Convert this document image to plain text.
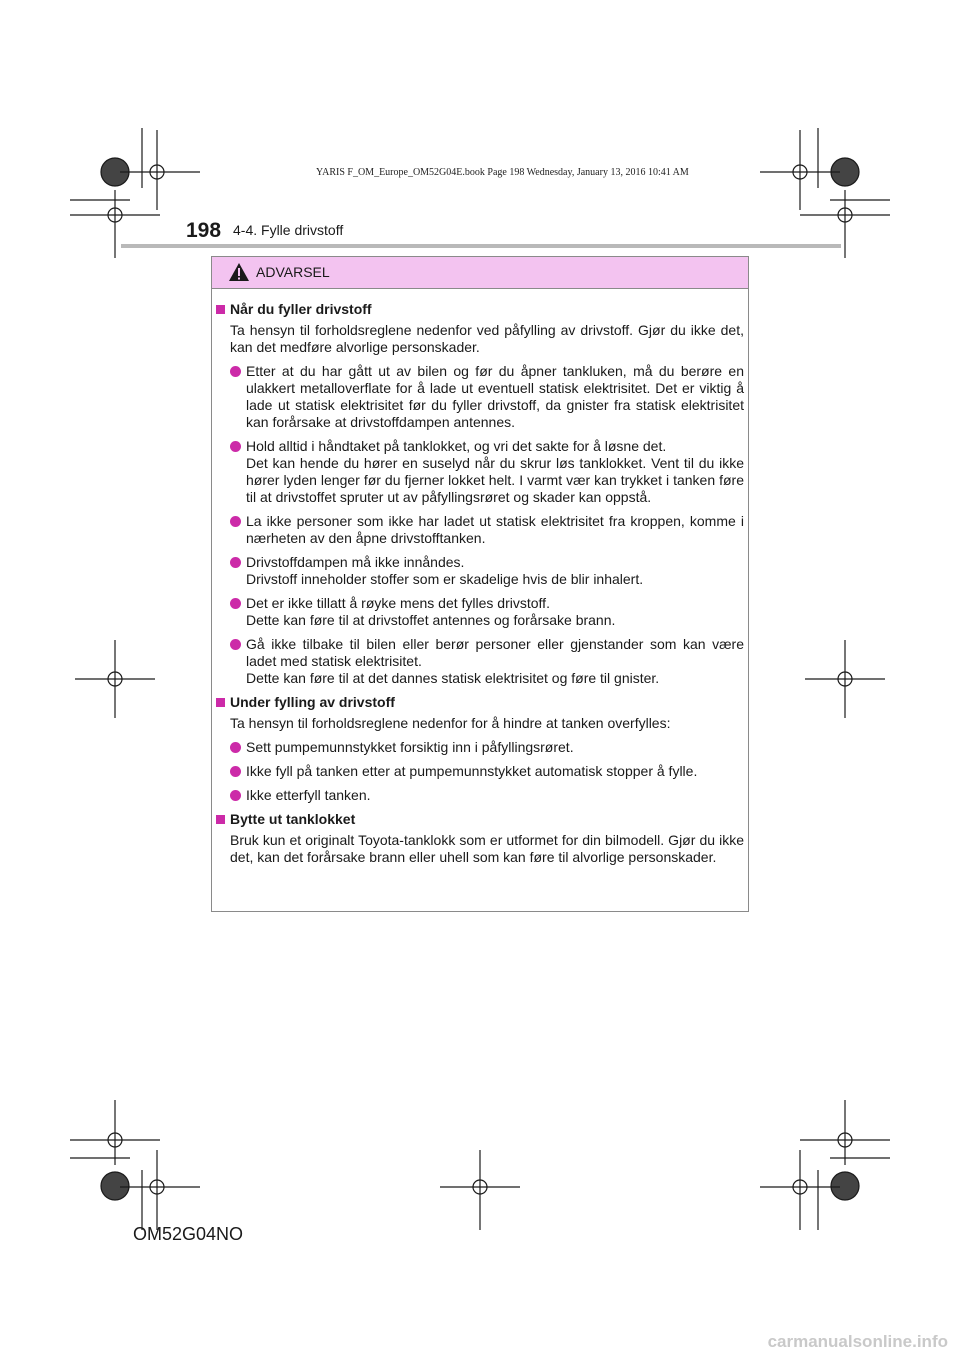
YARIS F_OM_Europe_OM52G04E.book Page 198 Wednesday, January 13, 2016 10:41 AM
198 4-4. Fylle drivstoff
ADVARSEL
Når du fyller drivstoff
Ta hensyn til forholdsreglene nedenfor ved påfylling av drivstoff. Gjør du ikke det, kan det medføre alvorlige personskader.

Etter at du har gått ut av bilen og før du åpner tankluken, må du berøre en ulakkert metalloverflate for å lade ut eventuell statisk elektrisitet. Det er viktig å lade ut statisk elektrisitet før du fyller drivstoff, da gnister fra statisk elektrisitet kan forårsake at drivstoffdampen antennes.

Hold alltid i håndtaket på tanklokket, og vri det sakte for å løsne det.

Det kan hende du hører en suselyd når du skrur løs tanklokket. Vent til du ikke hører lyden lenger før du fjerner lokket helt. I varmt vær kan trykket i tanken føre til at drivstoffet spruter ut av påfyllingsrøret og skader kan oppstå.

La ikke personer som ikke har ladet ut statisk elektrisitet fra kroppen, komme i nærheten av den åpne drivstofftanken.

Drivstoffdampen må ikke innåndes.

Drivstoff inneholder stoffer som er skadelige hvis de blir inhalert.

Det er ikke tillatt å røyke mens det fylles drivstoff.

Dette kan føre til at drivstoffet antennes og forårsake brann.

Gå ikke tilbake til bilen eller berør personer eller gjenstander som kan være ladet med statisk elektrisitet.

Dette kan føre til at det dannes statisk elektrisitet og føre til gnister.

Under fylling av drivstoff
Ta hensyn til forholdsreglene nedenfor for å hindre at tanken overfylles:

Sett pumpemunnstykket forsiktig inn i påfyllingsrøret.

Ikke fyll på tanken etter at pumpemunnstykket automatisk stopper å fylle.

Ikke etterfyll tanken.

Bytte ut tanklokket
Bruk kun et originalt Toyota-tanklokk som er utformet for din bilmodell. Gjør du ikke det, kan det forårsake brann eller uhell som kan føre til alvorlige personskader.
OM52G04NO
carmanualsonline.info
